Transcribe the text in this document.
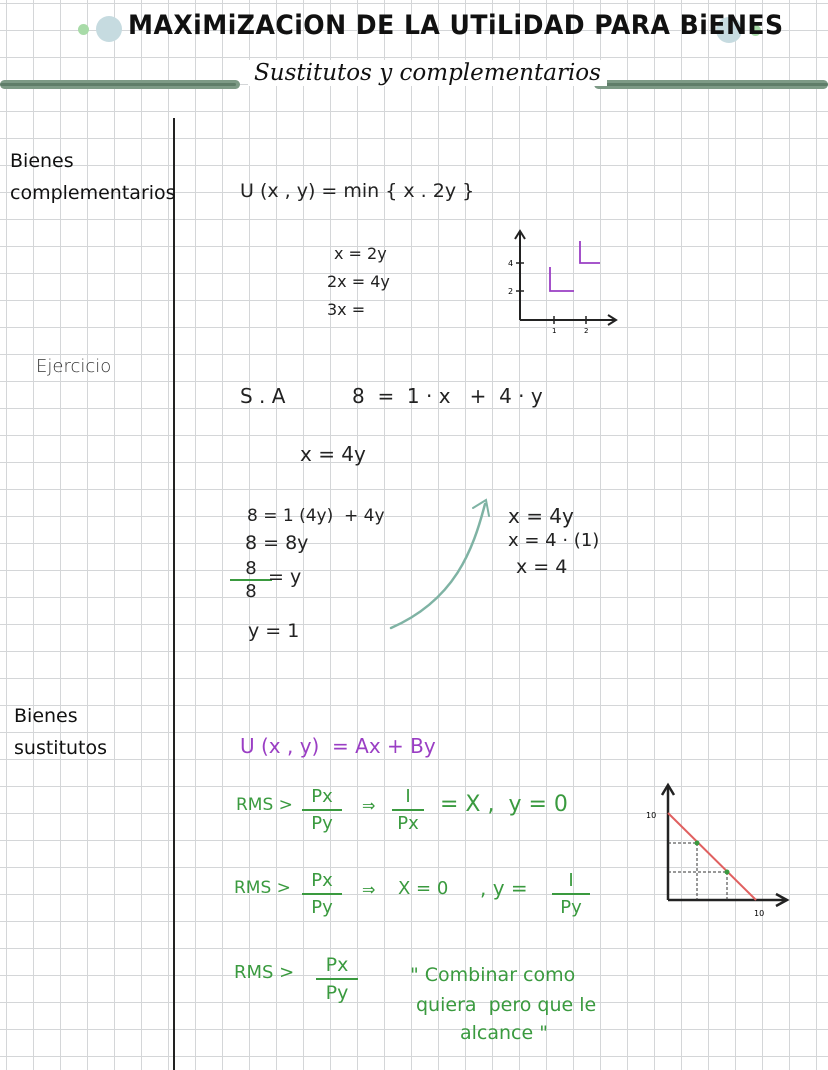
MAXiMiZACiON DE LA UTiLiDAD PARA BiENES
Sustitutos y complementarios
Bienes
complementarios
Ejercicio
Bienes
sustitutos
U (x , y) = min { x . 2y }
x = 2y
2x = 4y
3x =
4
2
1	2
S . A	8  =  1 · x   +  4 · y
x = 4y
8 = 1 (4y)  + 4y
8 = 8y
8
8
= y
y = 1
x = 4y
x = 4 · (1)
x = 4
U (x , y)  = Ax + By
RMS >	Px
Py
⇒	I
Px
= X ,  y = 0
RMS >	Px
Py
⇒ X = 0 , y =	I
Py
RMS >	Px
Py
" Combinar como
quiera  pero que le
alcance "
10
10
